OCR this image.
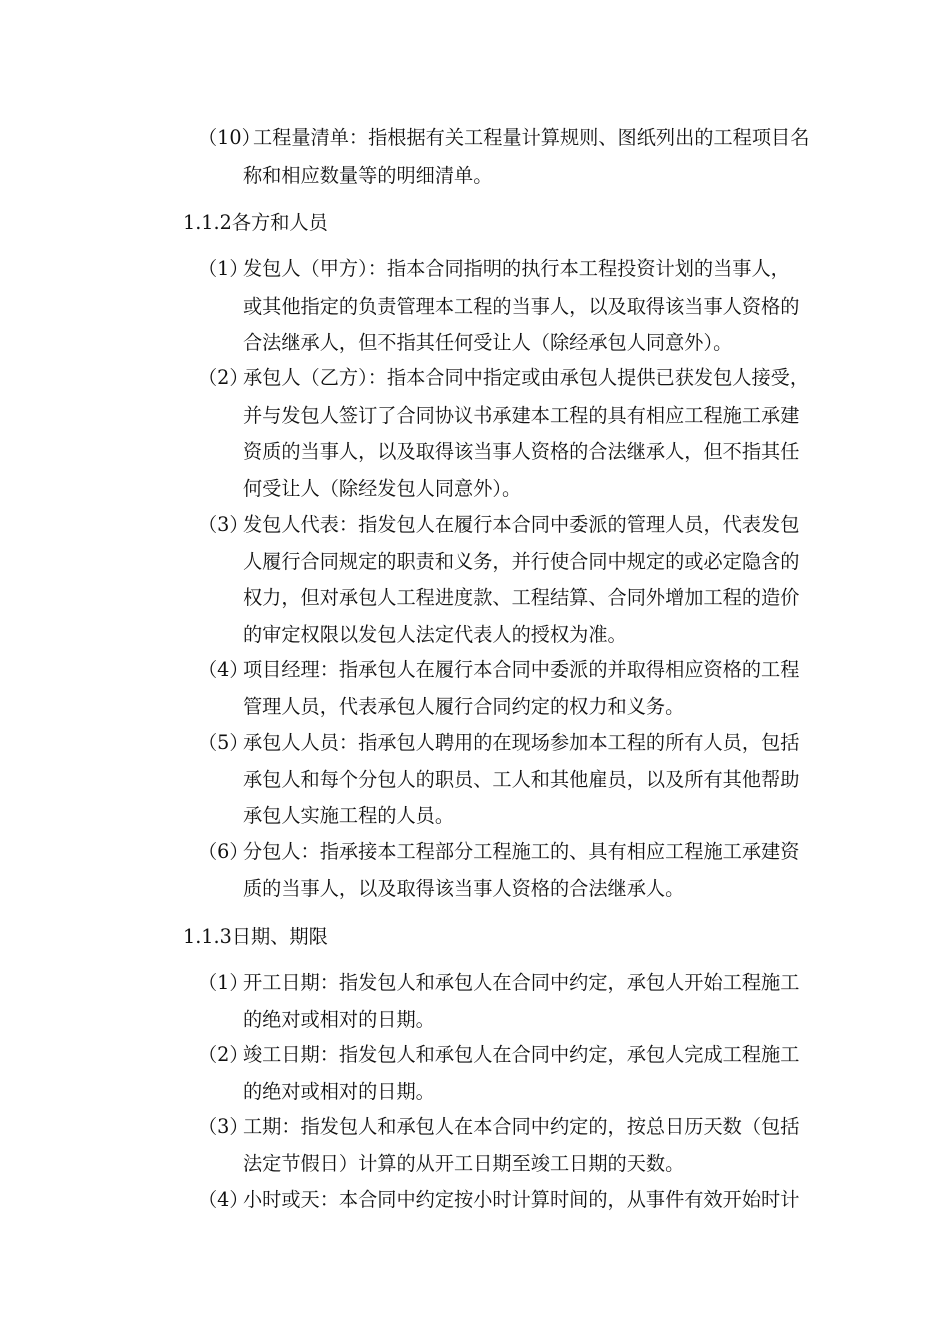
（10）
工程量清单：指根据有关工程量计算规则、图纸列出的工程项目名
称和相应数量等的明细清单。
1.1.2各方和人员
（1）
发包人（甲方）：指本合同指明的执行本工程投资计划的当事人，
或其他指定的负责管理本工程的当事人，以及取得该当事人资格的
合法继承人，但不指其任何受让人（除经承包人同意外）。
（2）
承包人（乙方）：指本合同中指定或由承包人提供已获发包人接受，
并与发包人签订了合同协议书承建本工程的具有相应工程施工承建
资质的当事人，以及取得该当事人资格的合法继承人，但不指其任
何受让人（除经发包人同意外）。
（3）
发包人代表：指发包人在履行本合同中委派的管理人员，代表发包
人履行合同规定的职责和义务，并行使合同中规定的或必定隐含的
权力，但对承包人工程进度款、工程结算、合同外增加工程的造价
的审定权限以发包人法定代表人的授权为准。
（4）
项目经理：指承包人在履行本合同中委派的并取得相应资格的工程
管理人员，代表承包人履行合同约定的权力和义务。
（5）
承包人人员：指承包人聘用的在现场参加本工程的所有人员，包括
承包人和每个分包人的职员、工人和其他雇员，以及所有其他帮助
承包人实施工程的人员。
（6）
分包人：指承接本工程部分工程施工的、具有相应工程施工承建资
质的当事人，以及取得该当事人资格的合法继承人。
1.1.3日期、期限
（1）
开工日期：指发包人和承包人在合同中约定，承包人开始工程施工
的绝对或相对的日期。
（2）
竣工日期：指发包人和承包人在合同中约定，承包人完成工程施工
的绝对或相对的日期。
（3）
工期：指发包人和承包人在本合同中约定的，按总日历天数（包括
法定节假日）计算的从开工日期至竣工日期的天数。
（4）
小时或天：本合同中约定按小时计算时间的，从事件有效开始时计
